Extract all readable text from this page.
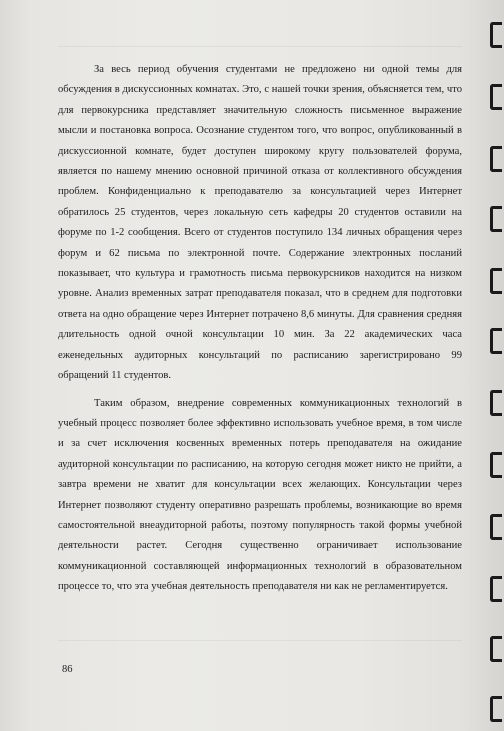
За весь период обучения студентами не предложено ни одной темы для обсуждения в дискуссионных комнатах. Это, с нашей точки зрения, объясняется тем, что для первокурсника представляет значительную сложность письменное выражение мысли и постановка вопроса. Осознание студентом того, что вопрос, опубликованный в дискуссионной комнате, будет доступен широкому кругу пользователей форума, является по нашему мнению основной причиной отказа от коллективного обсуждения проблем. Конфиденциально к преподавателю за консультацией через Интернет обратилось 25 студентов, через локальную сеть кафедры 20 студентов оставили на форуме по 1-2 сообщения. Всего от студентов поступило 134 личных обращения через форум и 62 письма по электронной почте. Содержание электронных посланий показывает, что культура и грамотность письма первокурсников находится на низком уровне. Анализ временных затрат преподавателя показал, что в среднем для подготовки ответа на одно обращение через Интернет потрачено 8,6 минуты. Для сравнения средняя длительность одной очной консультации 10 мин. За 22 академических часа еженедельных аудиторных консультаций по расписанию зарегистрировано 99 обращений 11 студентов.

Таким образом, внедрение современных коммуникационных технологий в учебный процесс позволяет более эффективно использовать учебное время, в том числе и за счет исключения косвенных временных потерь преподавателя на ожидание аудиторной консультации по расписанию, на которую сегодня может никто не прийти, а завтра времени не хватит для консультации всех желающих. Консультации через Интернет позволяют студенту оперативно разрешать проблемы, возникающие во время самостоятельной внеаудиторной работы, поэтому популярность такой формы учебной деятельности растет. Сегодня существенно ограничивает использование коммуникационной составляющей информационных технологий в образовательном процессе то, что эта учебная деятельность преподавателя ни как не регламентируется.

86
